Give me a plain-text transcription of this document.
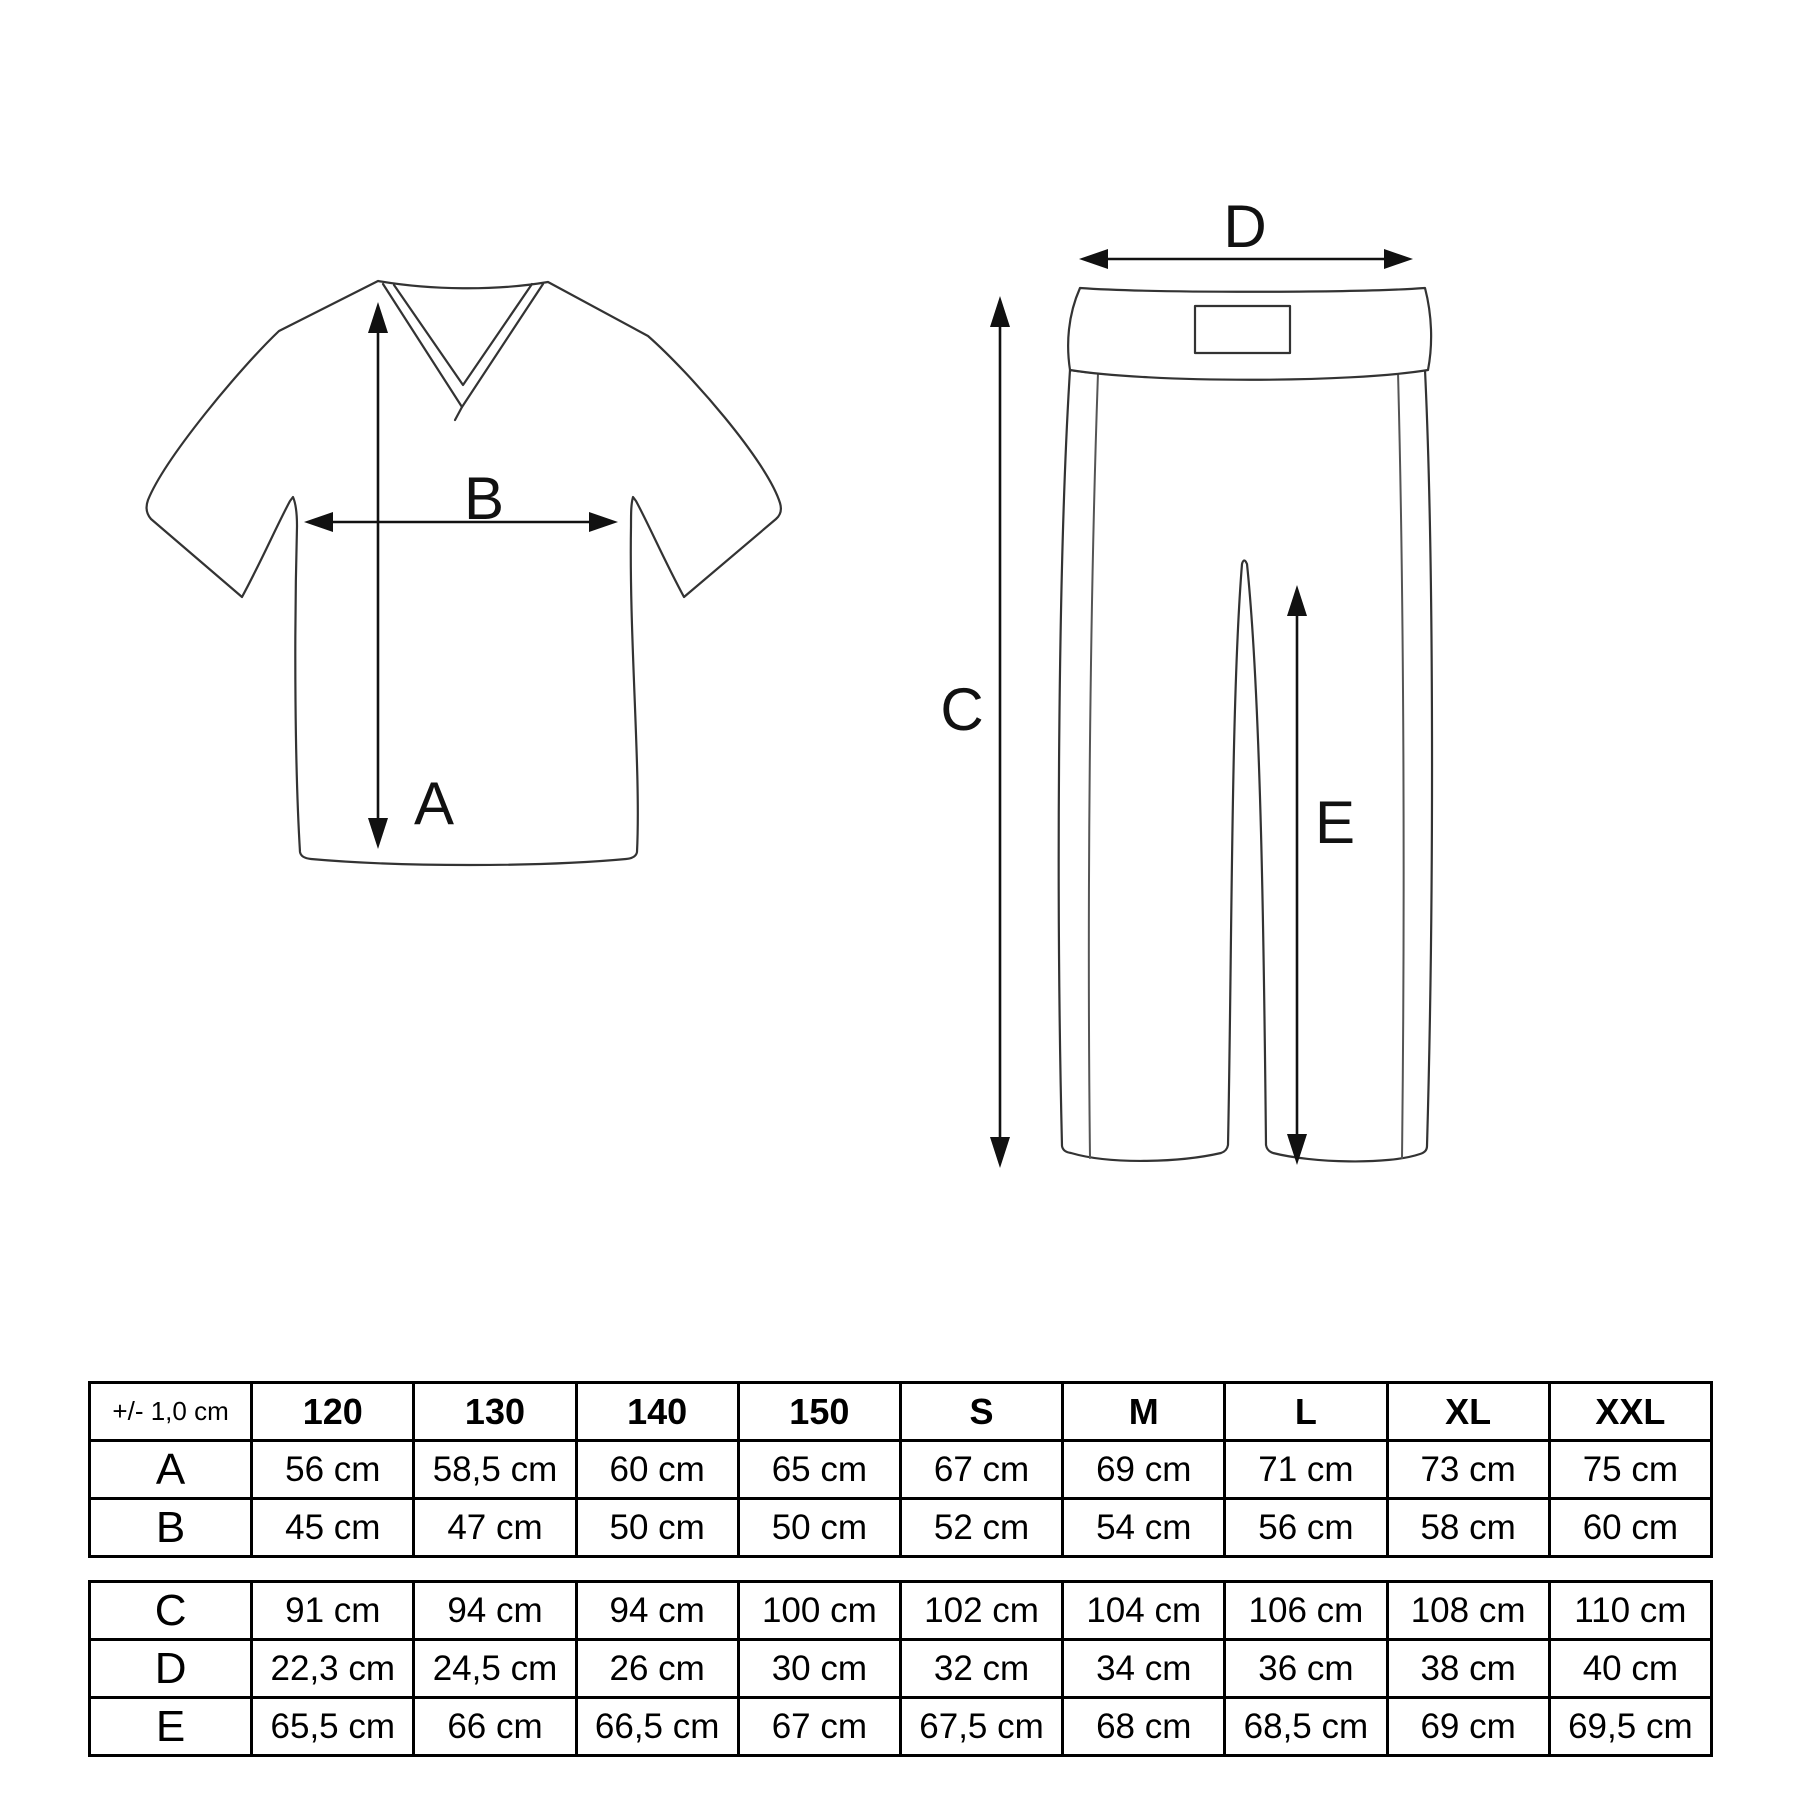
A
B
C
D
E
+/- 1,0 cm	120	130	140	150	S	M	L	XL	XXL
A	56 cm	58,5 cm	60 cm	65 cm	67 cm	69 cm	71 cm	73 cm	75 cm
B	45 cm	47 cm	50 cm	50 cm	52 cm	54 cm	56 cm	58 cm	60 cm
C	91 cm	94 cm	94 cm	100 cm	102 cm	104 cm	106 cm	108 cm	110 cm
D	22,3 cm	24,5 cm	26 cm	30 cm	32 cm	34 cm	36 cm	38 cm	40 cm
E	65,5 cm	66 cm	66,5 cm	67 cm	67,5 cm	68 cm	68,5 cm	69 cm	69,5 cm
